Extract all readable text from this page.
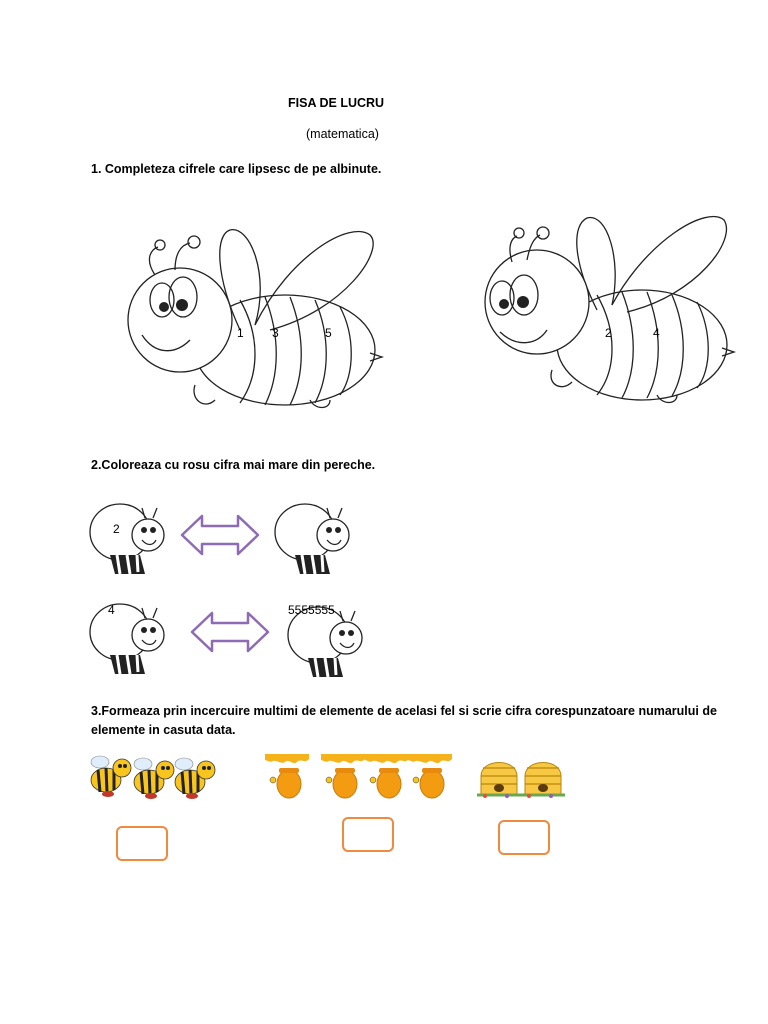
FISA DE LUCRU
(matematica)
1. Completeza cifrele care lipsesc de pe albinute.
1 3	5	2	4
2.Coloreaza cu rosu cifra mai mare din pereche.
2
4	5555555
3.Formeaza prin incercuire multimi de elemente de acelasi fel si scrie cifra corespunzatoare numarului de
elemente in casuta data.
